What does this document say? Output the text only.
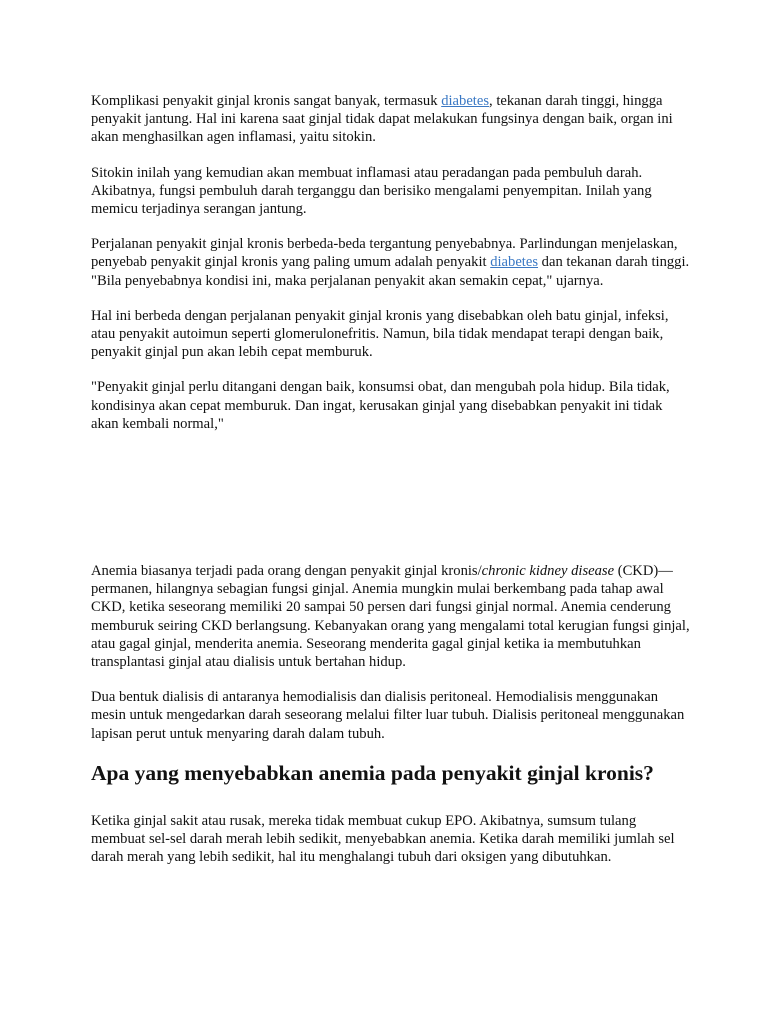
Komplikasi penyakit ginjal kronis sangat banyak, termasuk diabetes, tekanan darah tinggi, hingga penyakit jantung. Hal ini karena saat ginjal tidak dapat melakukan fungsinya dengan baik, organ ini akan menghasilkan agen inflamasi, yaitu sitokin.

Sitokin inilah yang kemudian akan membuat inflamasi atau peradangan pada pembuluh darah. Akibatnya, fungsi pembuluh darah terganggu dan berisiko mengalami penyempitan. Inilah yang memicu terjadinya serangan jantung.

Perjalanan penyakit ginjal kronis berbeda-beda tergantung penyebabnya. Parlindungan menjelaskan, penyebab penyakit ginjal kronis yang paling umum adalah penyakit diabetes dan tekanan darah tinggi. "Bila penyebabnya kondisi ini, maka perjalanan penyakit akan semakin cepat," ujarnya.

Hal ini berbeda dengan perjalanan penyakit ginjal kronis yang disebabkan oleh batu ginjal, infeksi, atau penyakit autoimun seperti glomerulonefritis. Namun, bila tidak mendapat terapi dengan baik, penyakit ginjal pun akan lebih cepat memburuk.

"Penyakit ginjal perlu ditangani dengan baik, konsumsi obat, dan mengubah pola hidup. Bila tidak, kondisinya akan cepat memburuk. Dan ingat, kerusakan ginjal yang disebabkan penyakit ini tidak akan kembali normal,"

Anemia biasanya terjadi pada orang dengan penyakit ginjal kronis/chronic kidney disease (CKD)—permanen, hilangnya sebagian fungsi ginjal. Anemia mungkin mulai berkembang pada tahap awal CKD, ketika seseorang memiliki 20 sampai 50 persen dari fungsi ginjal normal. Anemia cenderung memburuk seiring CKD berlangsung. Kebanyakan orang yang mengalami total kerugian fungsi ginjal, atau gagal ginjal, menderita anemia. Seseorang menderita gagal ginjal ketika ia membutuhkan transplantasi ginjal atau dialisis untuk bertahan hidup.

Dua bentuk dialisis di antaranya hemodialisis dan dialisis peritoneal. Hemodialisis menggunakan mesin untuk mengedarkan darah seseorang melalui filter luar tubuh. Dialisis peritoneal menggunakan lapisan perut untuk menyaring darah dalam tubuh.

Apa yang menyebabkan anemia pada penyakit ginjal kronis?

Ketika ginjal sakit atau rusak, mereka tidak membuat cukup EPO. Akibatnya, sumsum tulang membuat sel-sel darah merah lebih sedikit, menyebabkan anemia. Ketika darah memiliki jumlah sel darah merah yang lebih sedikit, hal itu menghalangi tubuh dari oksigen yang dibutuhkan.
